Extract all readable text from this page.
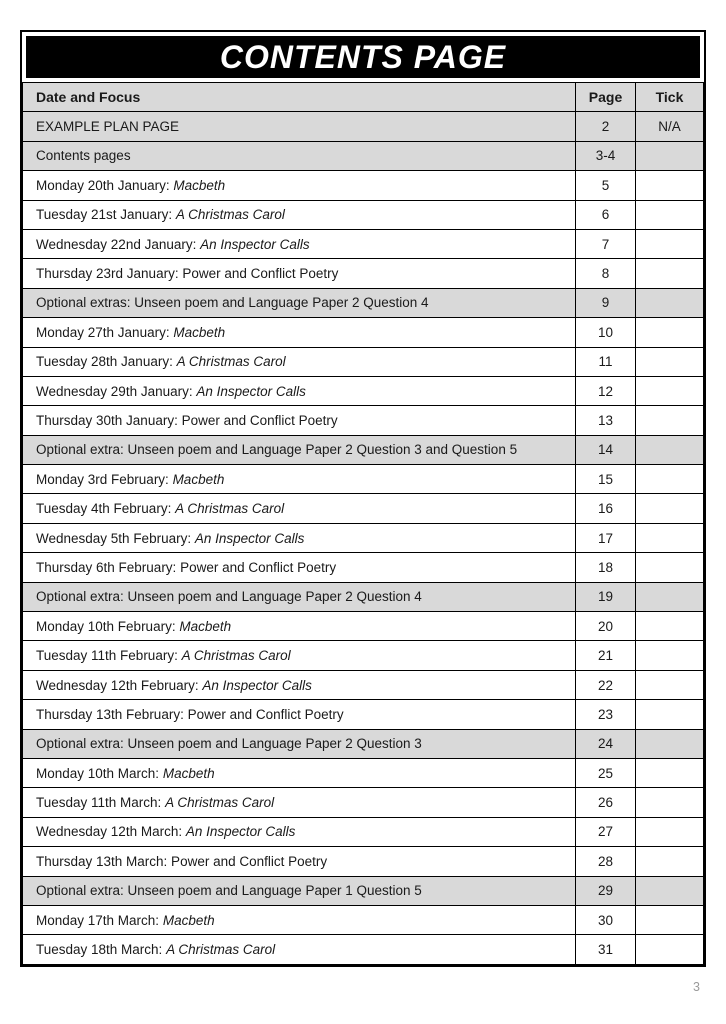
CONTENTS PAGE
Date and Focus	Page	Tick
EXAMPLE PLAN PAGE	2	N/A
Contents pages	3-4	
Monday 20th January: Macbeth	5	
Tuesday 21st January: A Christmas Carol	6	
Wednesday 22nd January: An Inspector Calls	7	
Thursday 23rd January: Power and Conflict Poetry	8	
Optional extras: Unseen poem and Language Paper 2 Question 4	9	
Monday 27th January: Macbeth	10	
Tuesday 28th January: A Christmas Carol	11	
Wednesday 29th January: An Inspector Calls	12	
Thursday 30th January: Power and Conflict Poetry	13	
Optional extra: Unseen poem and Language Paper 2 Question 3 and Question 5	14	
Monday 3rd February: Macbeth	15	
Tuesday 4th February: A Christmas Carol	16	
Wednesday 5th February: An Inspector Calls	17	
Thursday 6th February: Power and Conflict Poetry	18	
Optional extra: Unseen poem and Language Paper 2 Question 4	19	
Monday 10th February: Macbeth	20	
Tuesday 11th February: A Christmas Carol	21	
Wednesday 12th February: An Inspector Calls	22	
Thursday 13th February: Power and Conflict Poetry	23	
Optional extra: Unseen poem and Language Paper 2 Question 3	24	
Monday 10th March: Macbeth	25	
Tuesday 11th March: A Christmas Carol	26	
Wednesday 12th March: An Inspector Calls	27	
Thursday 13th March: Power and Conflict Poetry	28	
Optional extra: Unseen poem and Language Paper 1 Question 5	29	
Monday 17th March: Macbeth	30	
Tuesday 18th March: A Christmas Carol	31	
3
